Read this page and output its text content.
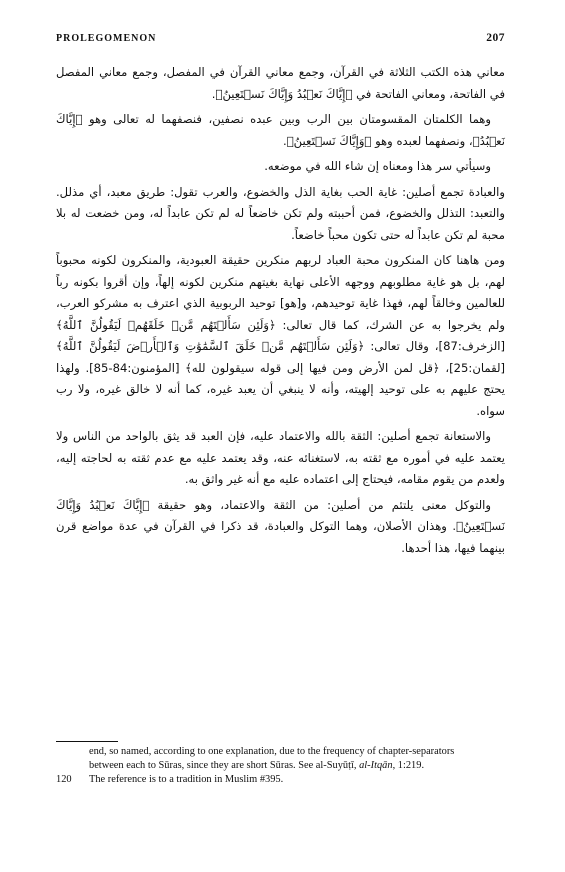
PROLEGOMENON	207

معاني هذه الكتب الثلاثة في القرآن، وجمع معاني القرآن في المفصل، وجمع معاني المفصل في الفاتحة، ومعاني الفاتحة في ﴿إِيَّاكَ نَعۡبُدُ وَإِيَّاكَ نَسۡتَعِينُ﴾.

وهما الكلمتان المقسومتان بين الرب وبين عبده نصفين، فنصفهما له تعالى وهو ﴿إِيَّاكَ نَعۡبُدُ﴾، ونصفهما لعبده وهو ﴿وَإِيَّاكَ نَسۡتَعِينُ﴾.

وسيأتي سر هذا ومعناه إن شاء الله في موضعه.

والعبادة تجمع أصلين: غاية الحب بغاية الذل والخضوع، والعرب تقول: طريق معبد، أي مذلل. والتعبد: التذلل والخضوع، فمن أحببته ولم تكن خاضعاً له لم تكن عابداً له، ومن خضعت له بلا محبة لم تكن عابداً له حتى تكون محباً خاضعاً.

ومن هاهنا كان المنكرون محبة العباد لربهم منكرين حقيقة العبودية، والمنكرون لكونه محبوباً لهم، بل هو غاية مطلوبهم ووجهه الأعلى نهاية بغيتهم منكرين لكونه إلهاً، وإن أقروا بكونه رباً للعالمين وخالقاً لهم، فهذا غاية توحيدهم، و[هو] توحيد الربوبية الذي اعترف به مشركو العرب، ولم يخرجوا به عن الشرك، كما قال تعالى: ﴿وَلَئِن سَأَلۡتَهُم مَّنۡ خَلَقَهُمۡ لَيَقُولُنَّ ٱللَّهُ﴾ [الزخرف:87]، وقال تعالى: ﴿وَلَئِن سَأَلۡتَهُم مَّنۡ خَلَقَ ٱلسَّمَٰوَٰتِ وَٱلۡأَرۡضَ لَيَقُولُنَّ ٱللَّهُ﴾ [لقمان:25]، ﴿قل لمن الأرض ومن فيها إلى قوله سيقولون لله﴾ [المؤمنون:84-85]. ولهذا يحتج عليهم به على توحيد إلهيته، وأنه لا ينبغي أن يعبد غيره، كما أنه لا خالق غيره، ولا رب سواه.

والاستعانة تجمع أصلين: الثقة بالله والاعتماد عليه، فإن العبد قد يثق بالواحد من الناس ولا يعتمد عليه في أموره مع ثقته به، لاستغنائه عنه، وقد يعتمد عليه مع عدم ثقته به لحاجته إليه، ولعدم من يقوم مقامه، فيحتاج إلى اعتماده عليه مع أنه غير واثق به.

والتوكل معنى يلتئم من أصلين: من الثقة والاعتماد، وهو حقيقة ﴿إِيَّاكَ نَعۡبُدُ وَإِيَّاكَ نَسۡتَعِينُ﴾. وهذان الأصلان، وهما التوكل والعبادة، قد ذكرا في القرآن في عدة مواضع قرن بينهما فيها، هذا أحدها.

end, so named, according to one explanation, due to the frequency of chapter-separators
between each to Sūras, since they are short Sūras. See al-Suyūṭī, al-Itqān, 1:219.
120	The reference is to a tradition in Muslim #395.
